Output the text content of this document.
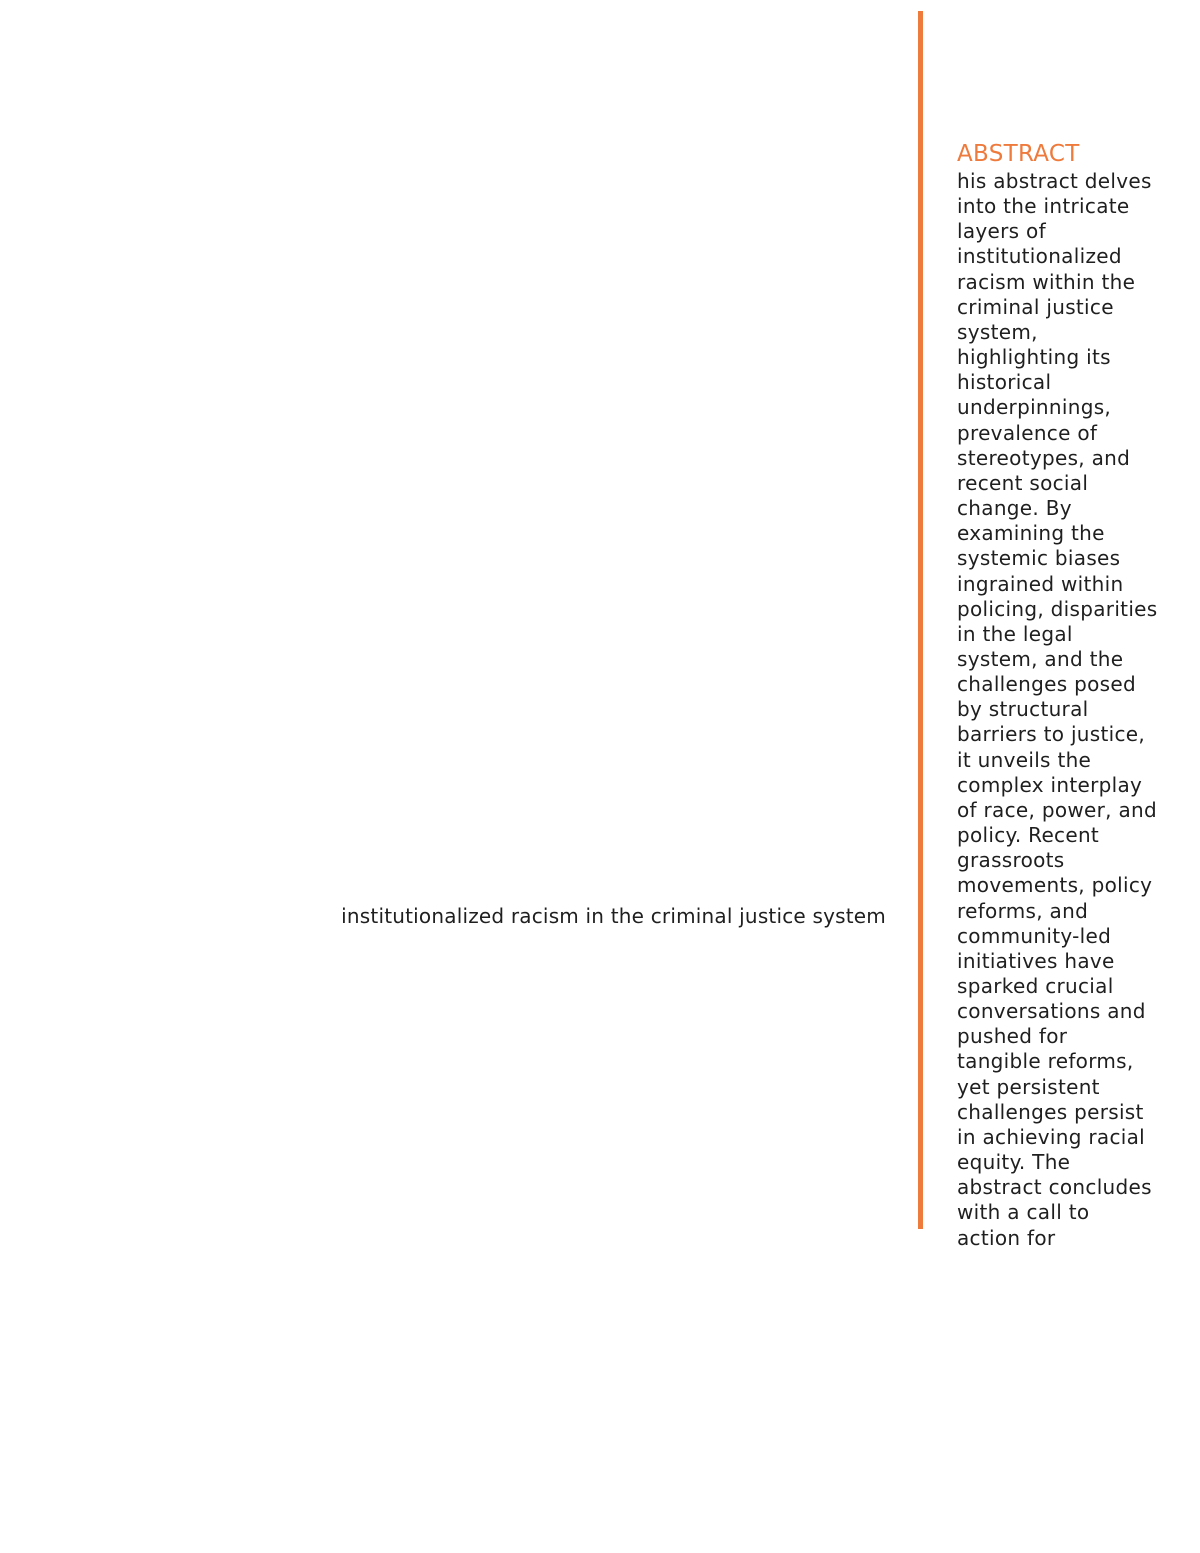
institutionalized racism in the criminal justice system
ABSTRACT
his abstract delves
into the intricate
layers of
institutionalized
racism within the
criminal justice
system,
highlighting its
historical
underpinnings,
prevalence of
stereotypes, and
recent social
change. By
examining the
systemic biases
ingrained within
policing, disparities
in the legal
system, and the
challenges posed
by structural
barriers to justice,
it unveils the
complex interplay
of race, power, and
policy. Recent
grassroots
movements, policy
reforms, and
community-led
initiatives have
sparked crucial
conversations and
pushed for
tangible reforms,
yet persistent
challenges persist
in achieving racial
equity. The
abstract concludes
with a call to
action for
